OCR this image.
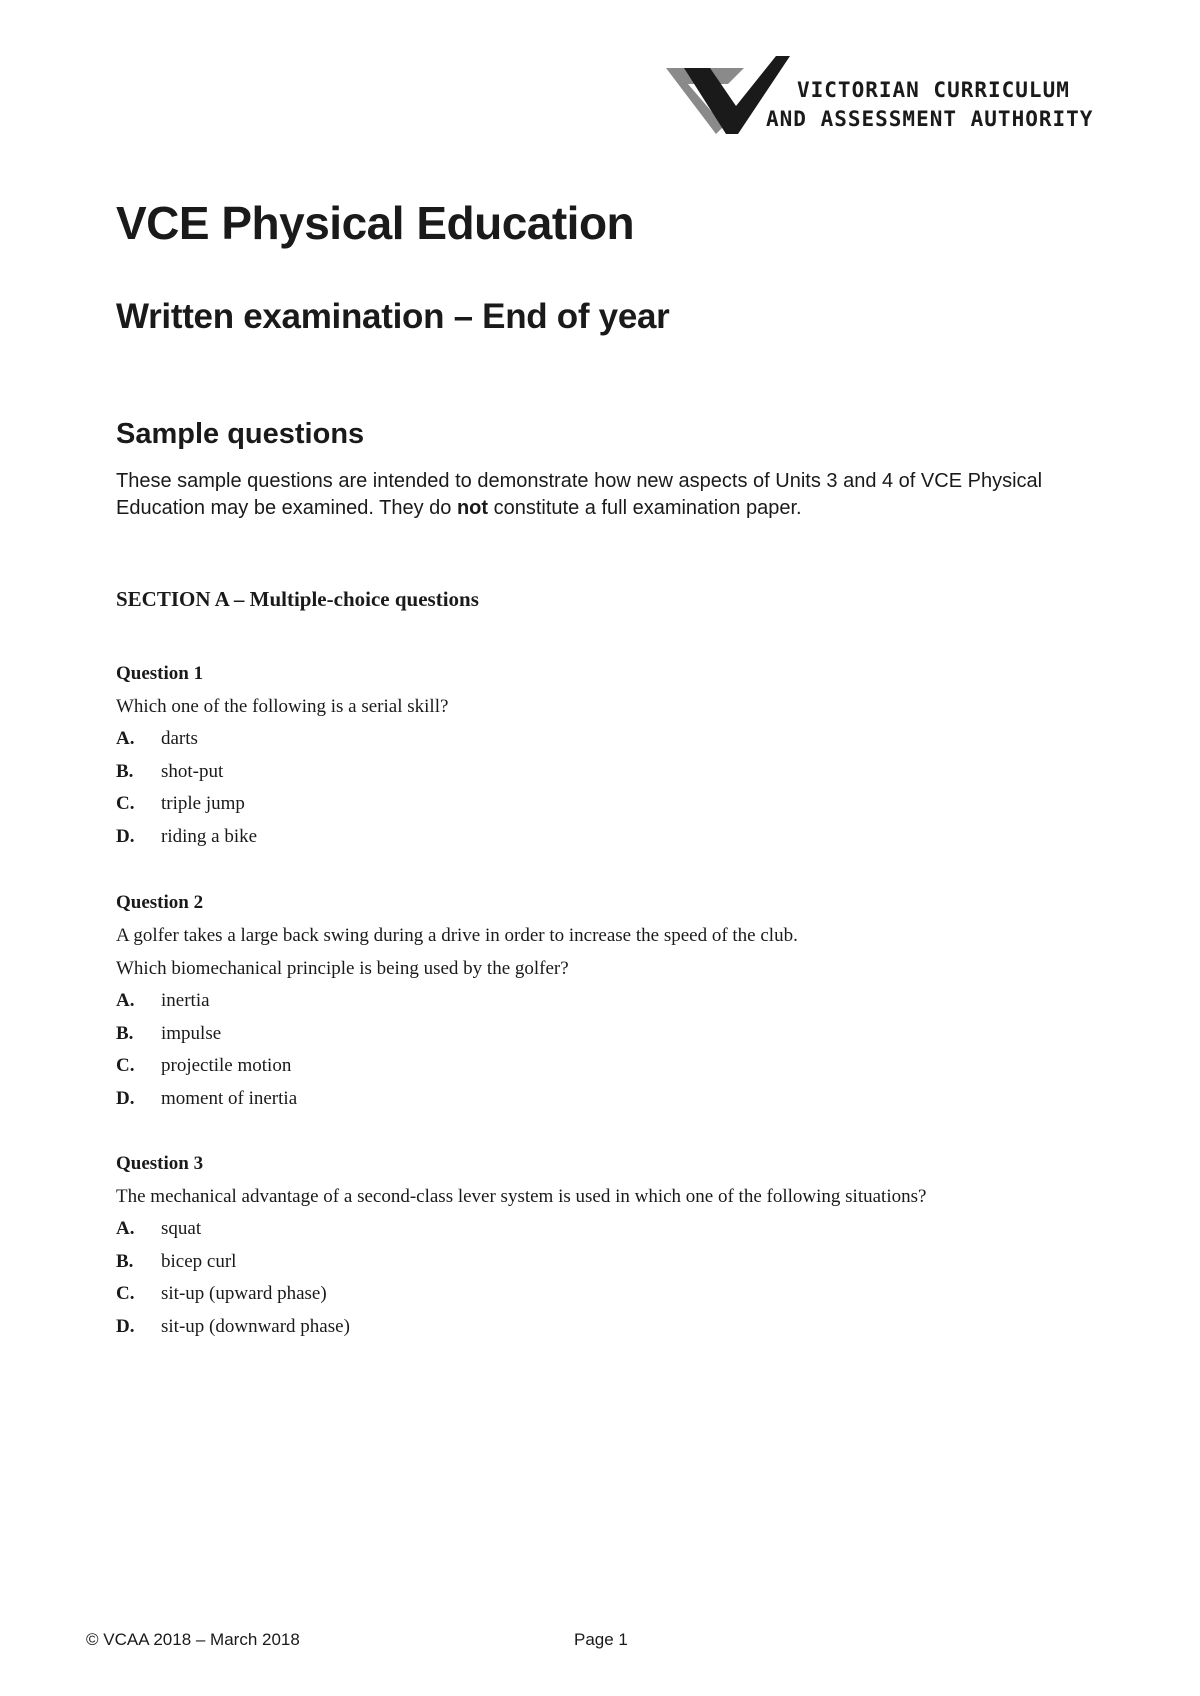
VICTORIAN CURRICULUM
AND ASSESSMENT AUTHORITY
VCE Physical Education
Written examination – End of year
Sample questions

These sample questions are intended to demonstrate how new aspects of Units 3 and 4 of VCE Physical Education may be examined. They do not constitute a full examination paper.

SECTION A – Multiple-choice questions
Question 1
Which one of the following is a serial skill?
A.	darts
B.	shot-put
C.	triple jump
D.	riding a bike
Question 2
A golfer takes a large back swing during a drive in order to increase the speed of the club.
Which biomechanical principle is being used by the golfer?
A.	inertia
B.	impulse
C.	projectile motion
D.	moment of inertia
Question 3
The mechanical advantage of a second-class lever system is used in which one of the following situations?
A.	squat
B.	bicep curl
C.	sit-up (upward phase)
D.	sit-up (downward phase)
© VCAA 2018 – March 2018	Page 1
